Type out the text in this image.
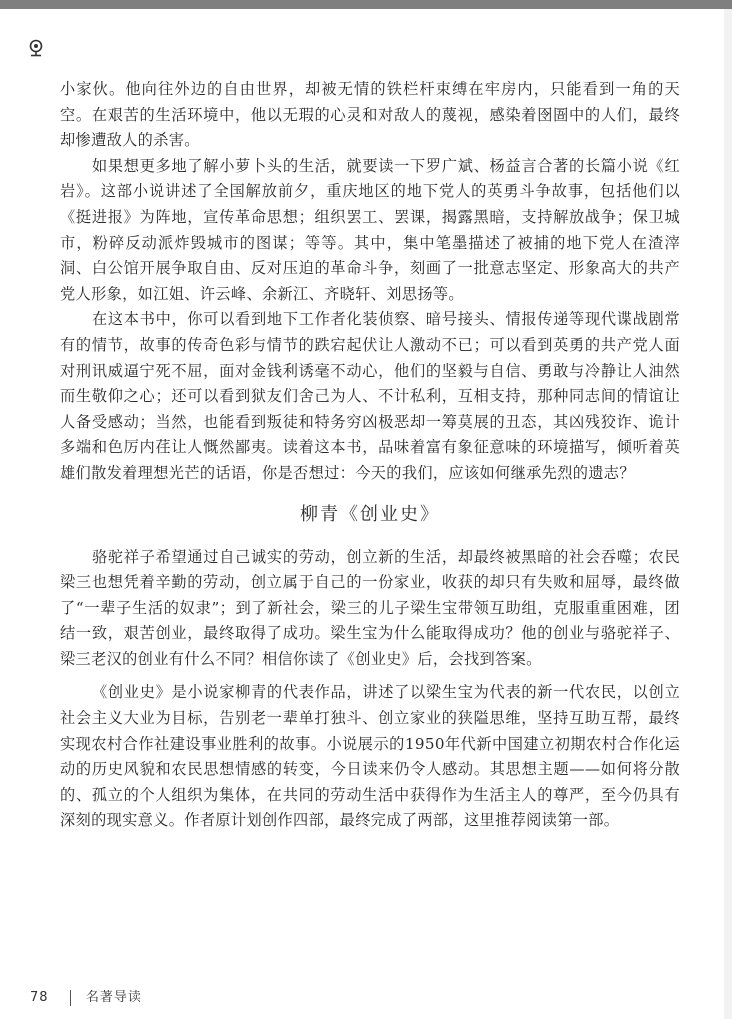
小家伙。他向往外边的自由世界，却被无情的铁栏杆束缚在牢房内，只能看到一角的天空。在艰苦的生活环境中，他以无瑕的心灵和对敌人的蔑视，感染着囹圄中的人们，最终却惨遭敌人的杀害。

如果想更多地了解小萝卜头的生活，就要读一下罗广斌、杨益言合著的长篇小说《红岩》。这部小说讲述了全国解放前夕，重庆地区的地下党人的英勇斗争故事，包括他们以《挺进报》为阵地，宣传革命思想；组织罢工、罢课，揭露黑暗，支持解放战争；保卫城市，粉碎反动派炸毁城市的图谋；等等。其中，集中笔墨描述了被捕的地下党人在渣滓洞、白公馆开展争取自由、反对压迫的革命斗争，刻画了一批意志坚定、形象高大的共产党人形象，如江姐、许云峰、余新江、齐晓轩、刘思扬等。

在这本书中，你可以看到地下工作者化装侦察、暗号接头、情报传递等现代谍战剧常有的情节，故事的传奇色彩与情节的跌宕起伏让人激动不已；可以看到英勇的共产党人面对刑讯威逼宁死不屈，面对金钱利诱毫不动心，他们的坚毅与自信、勇敢与冷静让人油然而生敬仰之心；还可以看到狱友们舍己为人、不计私利，互相支持，那种同志间的情谊让人备受感动；当然，也能看到叛徒和特务穷凶极恶却一筹莫展的丑态，其凶残狡诈、诡计多端和色厉内荏让人慨然鄙夷。读着这本书，品味着富有象征意味的环境描写，倾听着英雄们散发着理想光芒的话语，你是否想过：今天的我们，应该如何继承先烈的遗志？

柳青《创业史》

骆驼祥子希望通过自己诚实的劳动，创立新的生活，却最终被黑暗的社会吞噬；农民梁三也想凭着辛勤的劳动，创立属于自己的一份家业，收获的却只有失败和屈辱，最终做了“一辈子生活的奴隶”；到了新社会，梁三的儿子梁生宝带领互助组，克服重重困难，团结一致，艰苦创业，最终取得了成功。梁生宝为什么能取得成功？他的创业与骆驼祥子、梁三老汉的创业有什么不同？相信你读了《创业史》后，会找到答案。

《创业史》是小说家柳青的代表作品，讲述了以梁生宝为代表的新一代农民，以创立社会主义大业为目标，告别老一辈单打独斗、创立家业的狭隘思维，坚持互助互帮，最终实现农村合作社建设事业胜利的故事。小说展示的1950年代新中国建立初期农村合作化运动的历史风貌和农民思想情感的转变，今日读来仍令人感动。其思想主题——如何将分散的、孤立的个人组织为集体，在共同的劳动生活中获得作为生活主人的尊严，至今仍具有深刻的现实意义。作者原计划创作四部，最终完成了两部，这里推荐阅读第一部。

78	名著导读
